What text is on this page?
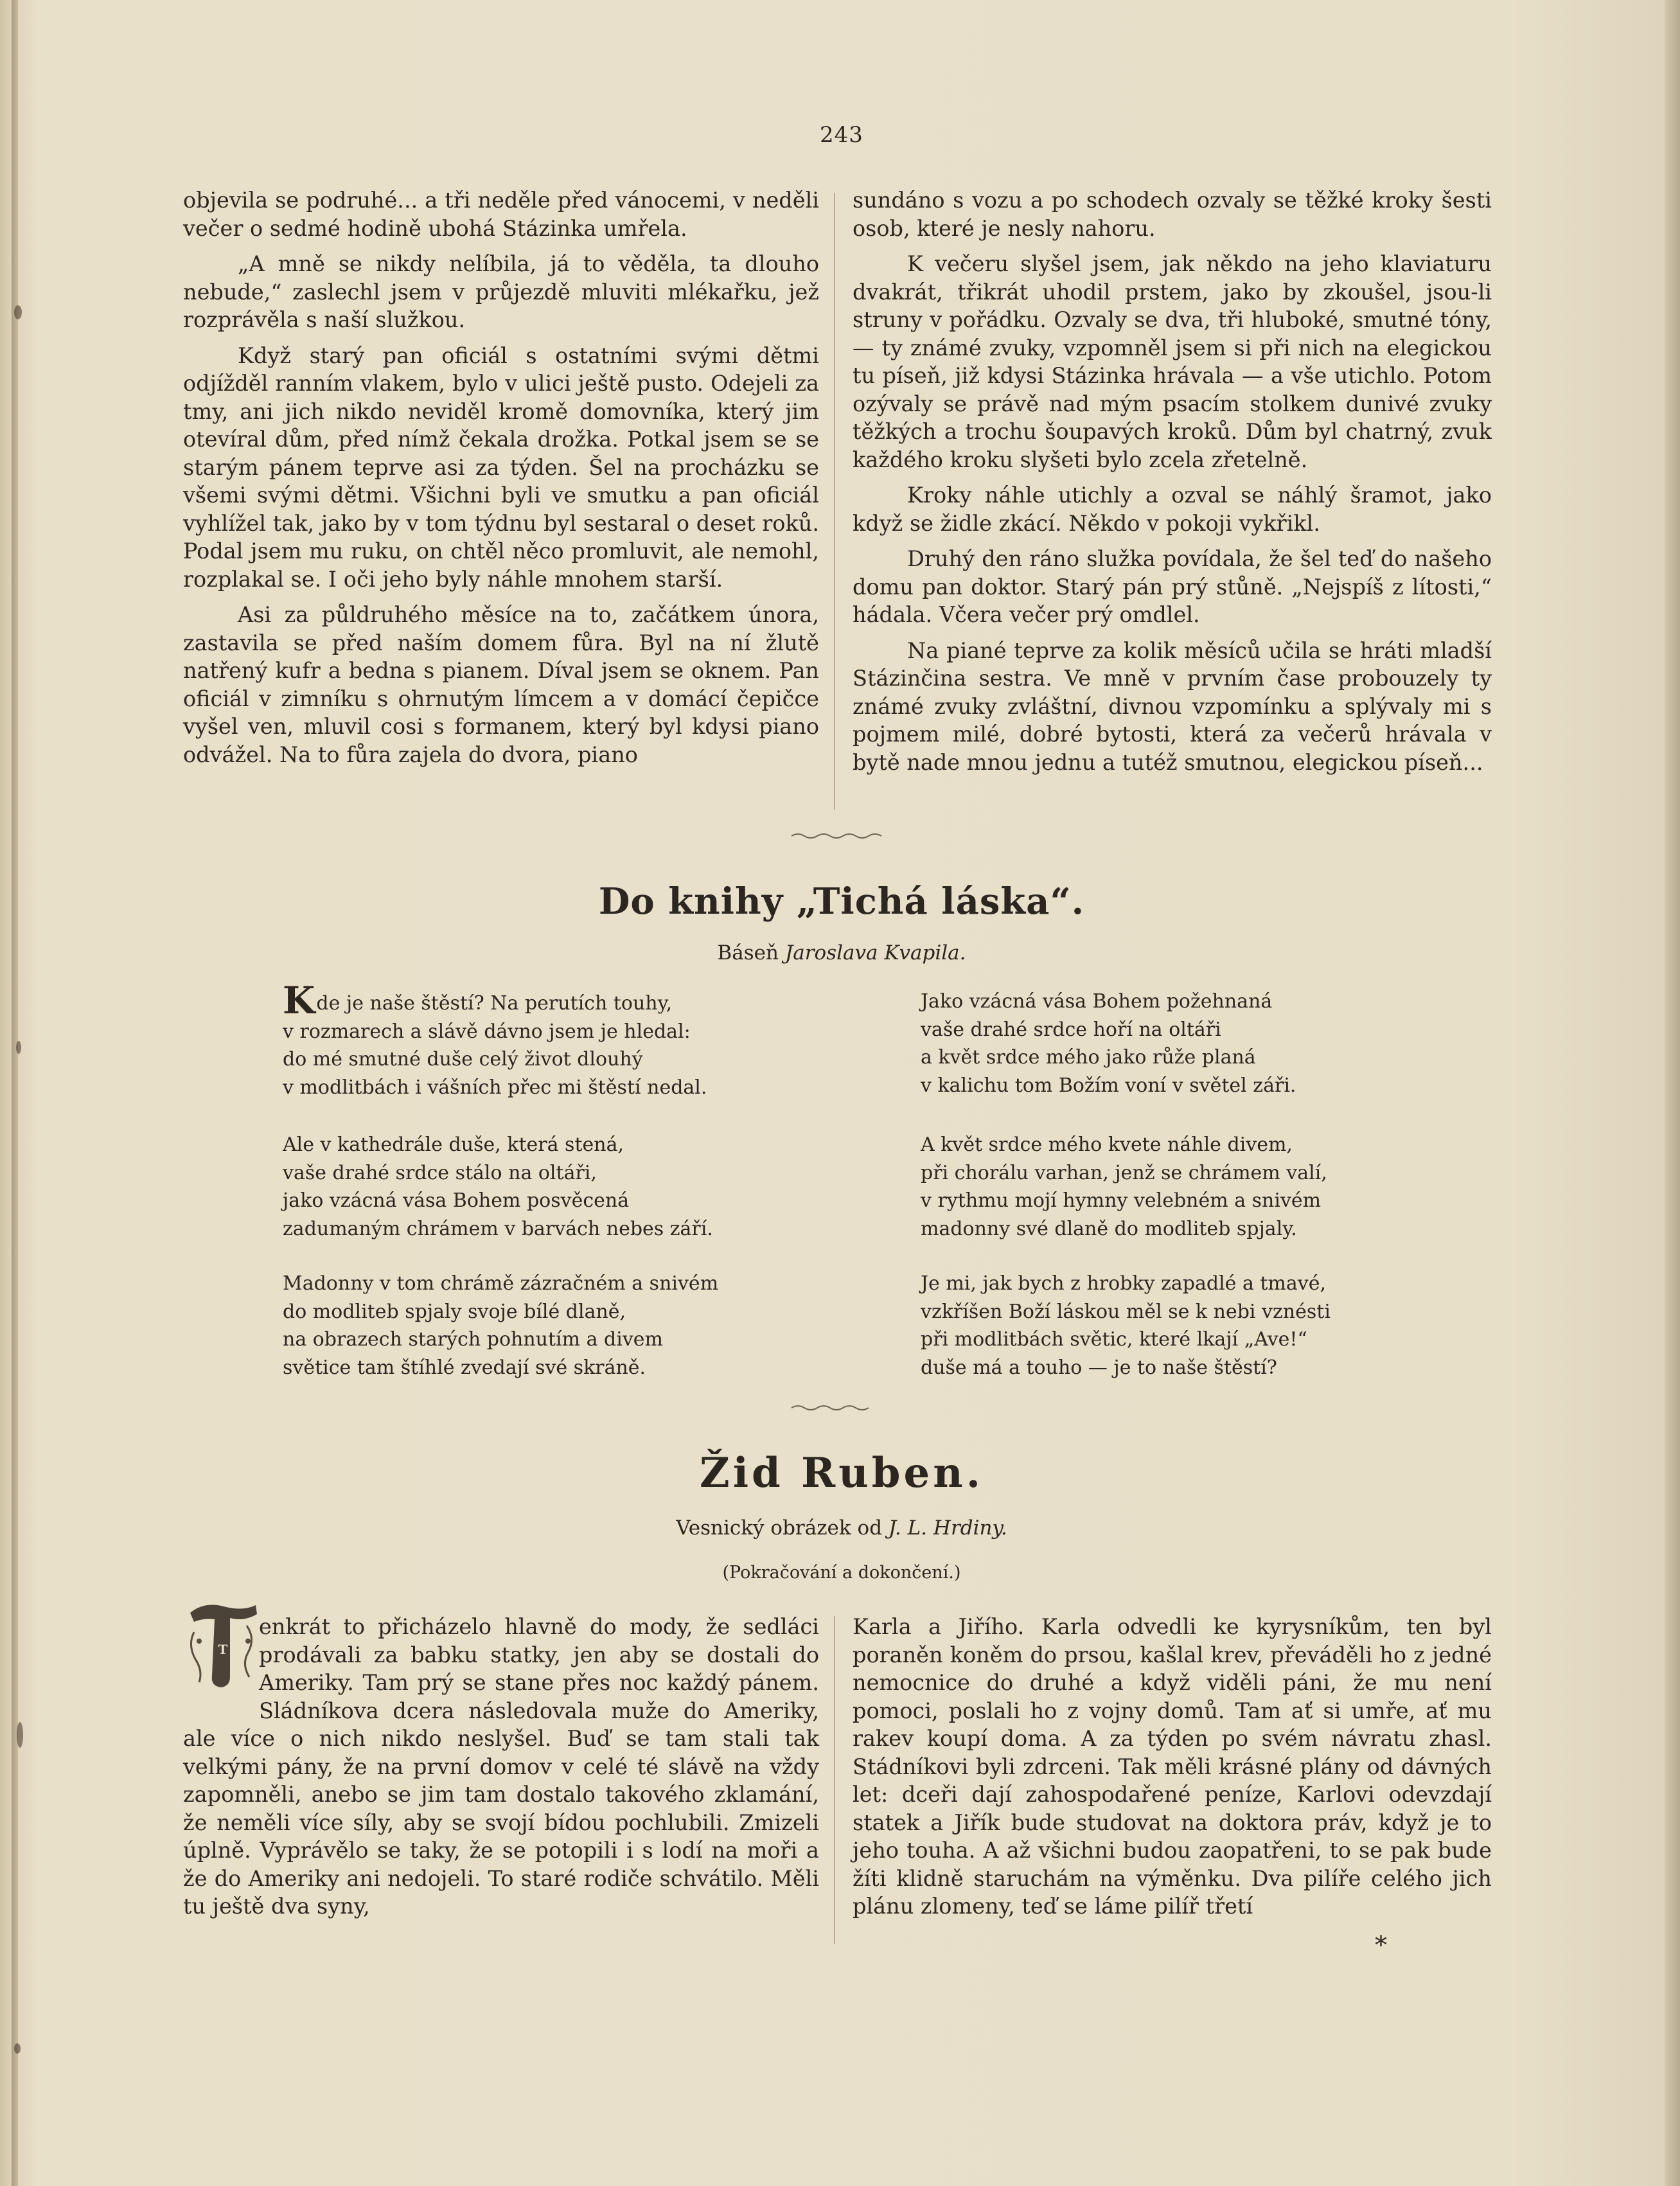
243

objevila se podruhé... a tři neděle před vánocemi, v neděli večer o sedmé hodině ubohá Stázinka umřela.

„A mně se nikdy nelíbila, já to věděla, ta dlouho nebude,“ zaslechl jsem v průjezdě mluviti mlékařku, jež rozprávěla s naší služkou.

Když starý pan oficiál s ostatními svými dětmi odjížděl ranním vlakem, bylo v ulici ještě pusto. Odejeli za tmy, ani jich nikdo neviděl kromě domovníka, který jim otevíral dům, před nímž čekala drožka. Potkal jsem se se starým pánem teprve asi za týden. Šel na procházku se všemi svými dětmi. Všichni byli ve smutku a pan oficiál vyhlížel tak, jako by v tom týdnu byl sestaral o deset roků. Podal jsem mu ruku, on chtěl něco promluvit, ale nemohl, rozplakal se. I oči jeho byly náhle mnohem starší.

Asi za půldruhého měsíce na to, začátkem února, zastavila se před naším domem fůra. Byl na ní žlutě natřený kufr a bedna s pianem. Díval jsem se oknem. Pan oficiál v zimníku s ohrnutým límcem a v domácí čepičce vyšel ven, mluvil cosi s formanem, který byl kdysi piano odvážel. Na to fůra zajela do dvora, piano

sundáno s vozu a po schodech ozvaly se těžké kroky šesti osob, které je nesly nahoru.

K večeru slyšel jsem, jak někdo na jeho klaviaturu dvakrát, třikrát uhodil prstem, jako by zkoušel, jsou-li struny v pořádku. Ozvaly se dva, tři hluboké, smutné tóny, — ty známé zvuky, vzpomněl jsem si při nich na elegickou tu píseň, již kdysi Stázinka hrávala — a vše utichlo. Potom ozývaly se právě nad mým psacím stolkem dunivé zvuky těžkých a trochu šoupavých kroků. Dům byl chatrný, zvuk každého kroku slyšeti bylo zcela zřetelně.

Kroky náhle utichly a ozval se náhlý šramot, jako když se židle zkácí. Někdo v pokoji vykřikl.

Druhý den ráno služka povídala, že šel teď do našeho domu pan doktor. Starý pán prý stůně. „Nejspíš z lítosti,“ hádala. Včera večer prý omdlel.

Na piané teprve za kolik měsíců učila se hráti mladší Stázinčina sestra. Ve mně v prvním čase probouzely ty známé zvuky zvláštní, divnou vzpomínku a splývaly mi s pojmem milé, dobré bytosti, která za večerů hrávala v bytě nade mnou jednu a tutéž smutnou, elegickou píseň...

Do knihy „Tichá láska“.
Báseň Jaroslava Kvapila.
Kde je naše štěstí? Na perutích touhy,
v rozmarech a slávě dávno jsem je hledal:
do mé smutné duše celý život dlouhý
v modlitbách i vášních přec mi štěstí nedal.
Ale v kathedrále duše, která stená,
vaše drahé srdce stálo na oltáři,
jako vzácná vása Bohem posvěcená
zadumaným chrámem v barvách nebes září.
Madonny v tom chrámě zázračném a snivém
do modliteb spjaly svoje bílé dlaně,
na obrazech starých pohnutím a divem
světice tam štíhlé zvedají své skráně.
Jako vzácná vása Bohem požehnaná
vaše drahé srdce hoří na oltáři
a květ srdce mého jako růže planá
v kalichu tom Božím voní v světel záři.
A květ srdce mého kvete náhle divem,
při chorálu varhan, jenž se chrámem valí,
v rythmu mojí hymny velebném a snivém
madonny své dlaně do modliteb spjaly.
Je mi, jak bych z hrobky zapadlé a tmavé,
vzkříšen Boží láskou měl se k nebi vznésti
při modlitbách světic, které lkají „Ave!“
duše má a touho — je to naše štěstí?
Žid Ruben.
Vesnický obrázek od J. L. Hrdiny.
(Pokračování a dokončení.)
T

enkrát to přicházelo hlavně do mody, že sedláci prodávali za babku statky, jen aby se dostali do Ameriky. Tam prý se stane přes noc každý pánem. Sládníkova dcera následovala muže do Ameriky, ale více o nich nikdo neslyšel. Buď se tam stali tak velkými pány, že na první domov v celé té slávě na vždy zapomněli, anebo se jim tam dostalo takového zklamání, že neměli více síly, aby se svojí bídou pochlubili. Zmizeli úplně. Vyprávělo se taky, že se potopili i s lodí na moři a že do Ameriky ani nedojeli. To staré rodiče schvátilo. Měli tu ještě dva syny,

Karla a Jiřího. Karla odvedli ke kyrysníkům, ten byl poraněn koněm do prsou, kašlal krev, převáděli ho z jedné nemocnice do druhé a když viděli páni, že mu není pomoci, poslali ho z vojny domů. Tam ať si umře, ať mu rakev koupí doma. A za týden po svém návratu zhasl. Stádníkovi byli zdrceni. Tak měli krásné plány od dávných let: dceři dají zahospodařené peníze, Karlovi odevzdají statek a Jiřík bude studovat na doktora práv, když je to jeho touha. A až všichni budou zaopatřeni, to se pak bude žíti klidně staruchám na výměnku. Dva pilíře celého jich plánu zlomeny, teď se láme pilíř třetí

*
